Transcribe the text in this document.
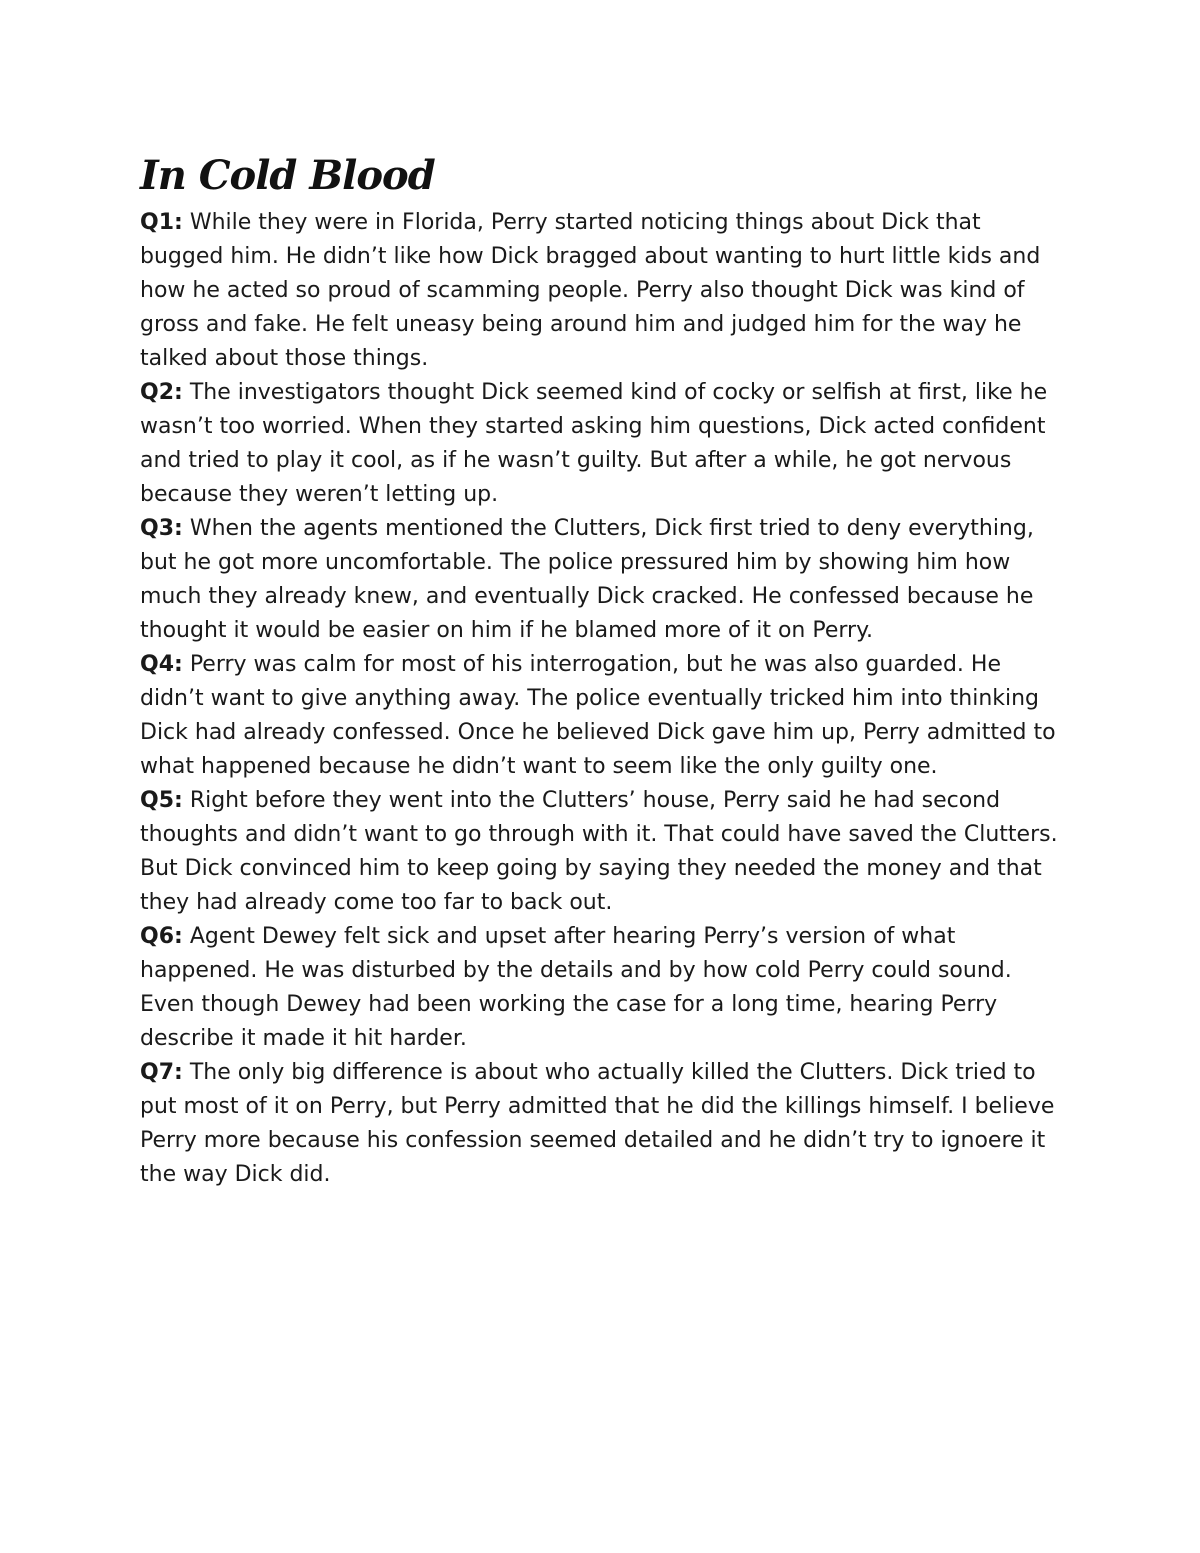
In Cold Blood

Q1: While they were in Florida, Perry started noticing things about Dick that bugged him. He didn’t like how Dick bragged about wanting to hurt little kids and how he acted so proud of scamming people. Perry also thought Dick was kind of gross and fake. He felt uneasy being around him and judged him for the way he talked about those things.

Q2: The investigators thought Dick seemed kind of cocky or selfish at first, like he wasn’t too worried. When they started asking him questions, Dick acted confident and tried to play it cool, as if he wasn’t guilty. But after a while, he got nervous because they weren’t letting up.

Q3: When the agents mentioned the Clutters, Dick first tried to deny everything, but he got more uncomfortable. The police pressured him by showing him how much they already knew, and eventually Dick cracked. He confessed because he thought it would be easier on him if he blamed more of it on Perry.

Q4: Perry was calm for most of his interrogation, but he was also guarded. He didn’t want to give anything away. The police eventually tricked him into thinking Dick had already confessed. Once he believed Dick gave him up, Perry admitted to what happened because he didn’t want to seem like the only guilty one.

Q5: Right before they went into the Clutters’ house, Perry said he had second thoughts and didn’t want to go through with it. That could have saved the Clutters. But Dick convinced him to keep going by saying they needed the money and that they had already come too far to back out.

Q6: Agent Dewey felt sick and upset after hearing Perry’s version of what happened. He was disturbed by the details and by how cold Perry could sound. Even though Dewey had been working the case for a long time, hearing Perry describe it made it hit harder.

Q7: The only big difference is about who actually killed the Clutters. Dick tried to put most of it on Perry, but Perry admitted that he did the killings himself. I believe Perry more because his confession seemed detailed and he didn’t try to ignoere it the way Dick did.
